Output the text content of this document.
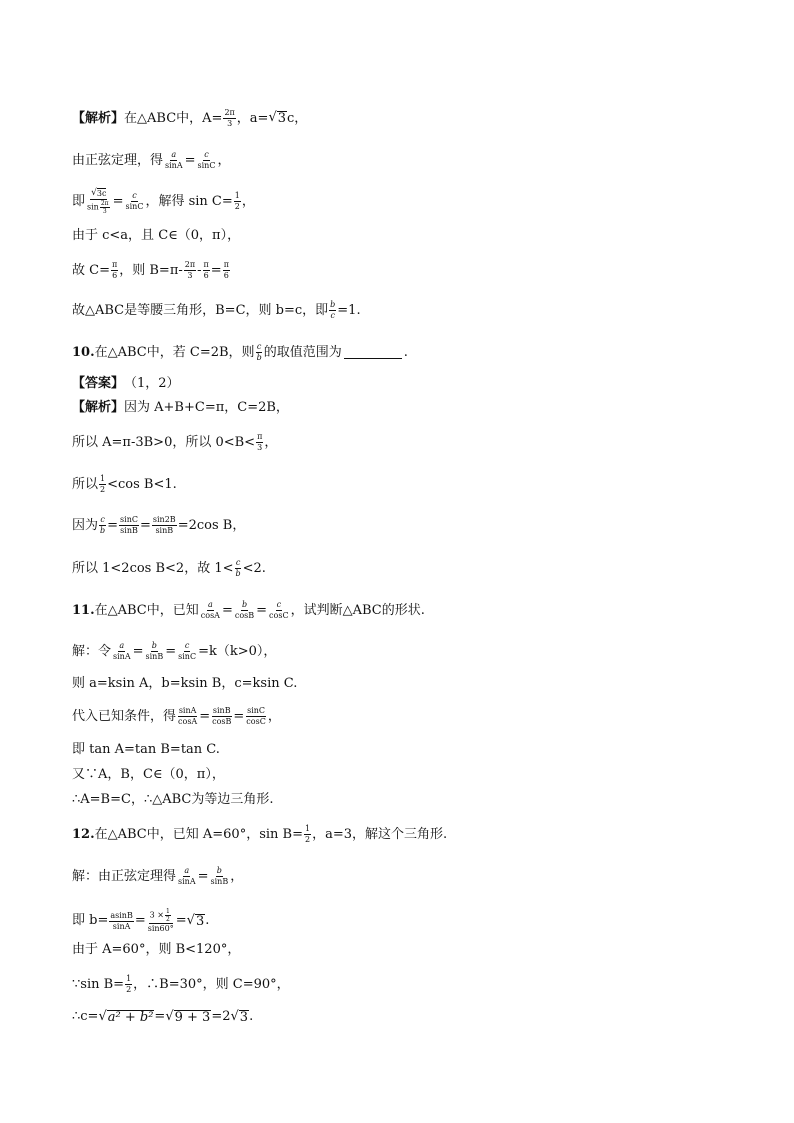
【解析】 在△ABC中，$A= \frac{2\pi}{3}$ ，a= √ 3 c，
由正弦定理，得 $\frac{a}{\sin A} = \frac{c}{\sin C}$ ，
即 $\frac{√ 3c}{\sin \frac{2\pi}{3}} = \frac{c}{\sin C}$ ，解得 $\sin C= \frac{1}{2}$ ，
由于 c<a，且 C∈（0，π），
故 $C= \frac{\pi}{6}$ ，则 $B=\pi- \frac{2\pi}{3} - \frac{\pi}{6} = \frac{\pi}{6}$
故△ABC是等腰三角形，B=C，则 b=c，即 $\frac{b}{c} =1$.
10. 在△ABC中，若 C=2B，则 $\frac{c}{b}$ 的取值范围为	.
【答案】 （1，2）
【解析】 因为 A+B+C=π，C=2B，
所以 A=π-3B>0，所以 $0<B< \frac{\pi}{3}$ ，
所以 $\frac{1}{2} <\cos$ B<1.
因为 $\frac{c}{b} = \frac{\sin C}{\sin B} = \frac{\sin 2B}{\sin B} =2\cos$ B，
所以 1<2cos B<2，故 $1< \frac{c}{b} <2$.
11. 在△ABC中，已知 $\frac{a}{\cos A} = \frac{b}{\cos B} = \frac{c}{\cos C}$ ，试判断△ABC的形状.
解：令 $\frac{a}{\sin A} = \frac{b}{\sin B} = \frac{c}{\sin C} =k(k>0)$，
则 a=ksin A，b=ksin B，c=ksin C.
代入已知条件，得 $\frac{\sin A}{\cos A} = \frac{\sin B}{\cos B} = \frac{\sin C}{\cos C}$ ，
即 tan A=tan B=tan C.
又∵A，B，C∈（0，π），
∴A=B=C，∴△ABC为等边三角形.
12. 在△ABC中，已知 A=60°，$\sin B= \frac{1}{2}$ ，a=3，解这个三角形.
解：由正弦定理得 $\frac{a}{\sin A} = \frac{b}{\sin B}$ ，
即 $b= \frac{asinB}{\sin A} = \frac{3 \times \frac{1}{2}}{\sin 60^\circ}$ = √ 3 .
由于 A=60°，则 B<120°，
∵sin $B= \frac{1}{2}$ ，∴B=30°，则 C=90°，
∴c= √ a² + b² = √ 9 + 3 =2 √ 3 .
